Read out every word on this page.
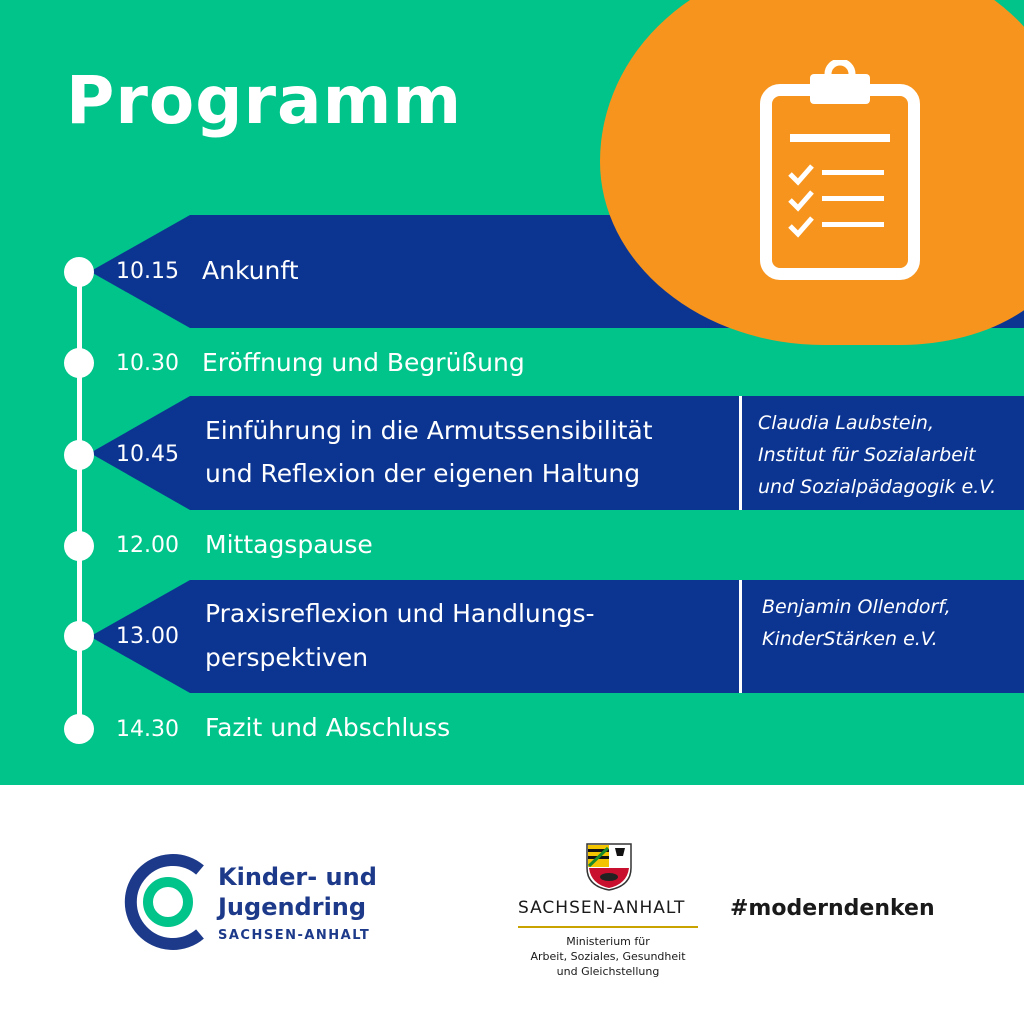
Programm
10.15 Ankunft
10.30 Eröffnung und Begrüßung
10.45
Einführung in die Armutssensibilität
und Reflexion der eigenen Haltung
Claudia Laubstein,
Institut für Sozialarbeit
und Sozialpädagogik e.V.
12.00 Mittagspause
13.00
Praxisreflexion und Handlungs-
perspektiven
Benjamin Ollendorf,
KinderStärken e.V.
14.30 Fazit und Abschluss
Kinder- und
Jugendring
SACHSEN-ANHALT
SACHSEN-ANHALT
Ministerium für
Arbeit, Soziales, Gesundheit
und Gleichstellung
#moderndenken
